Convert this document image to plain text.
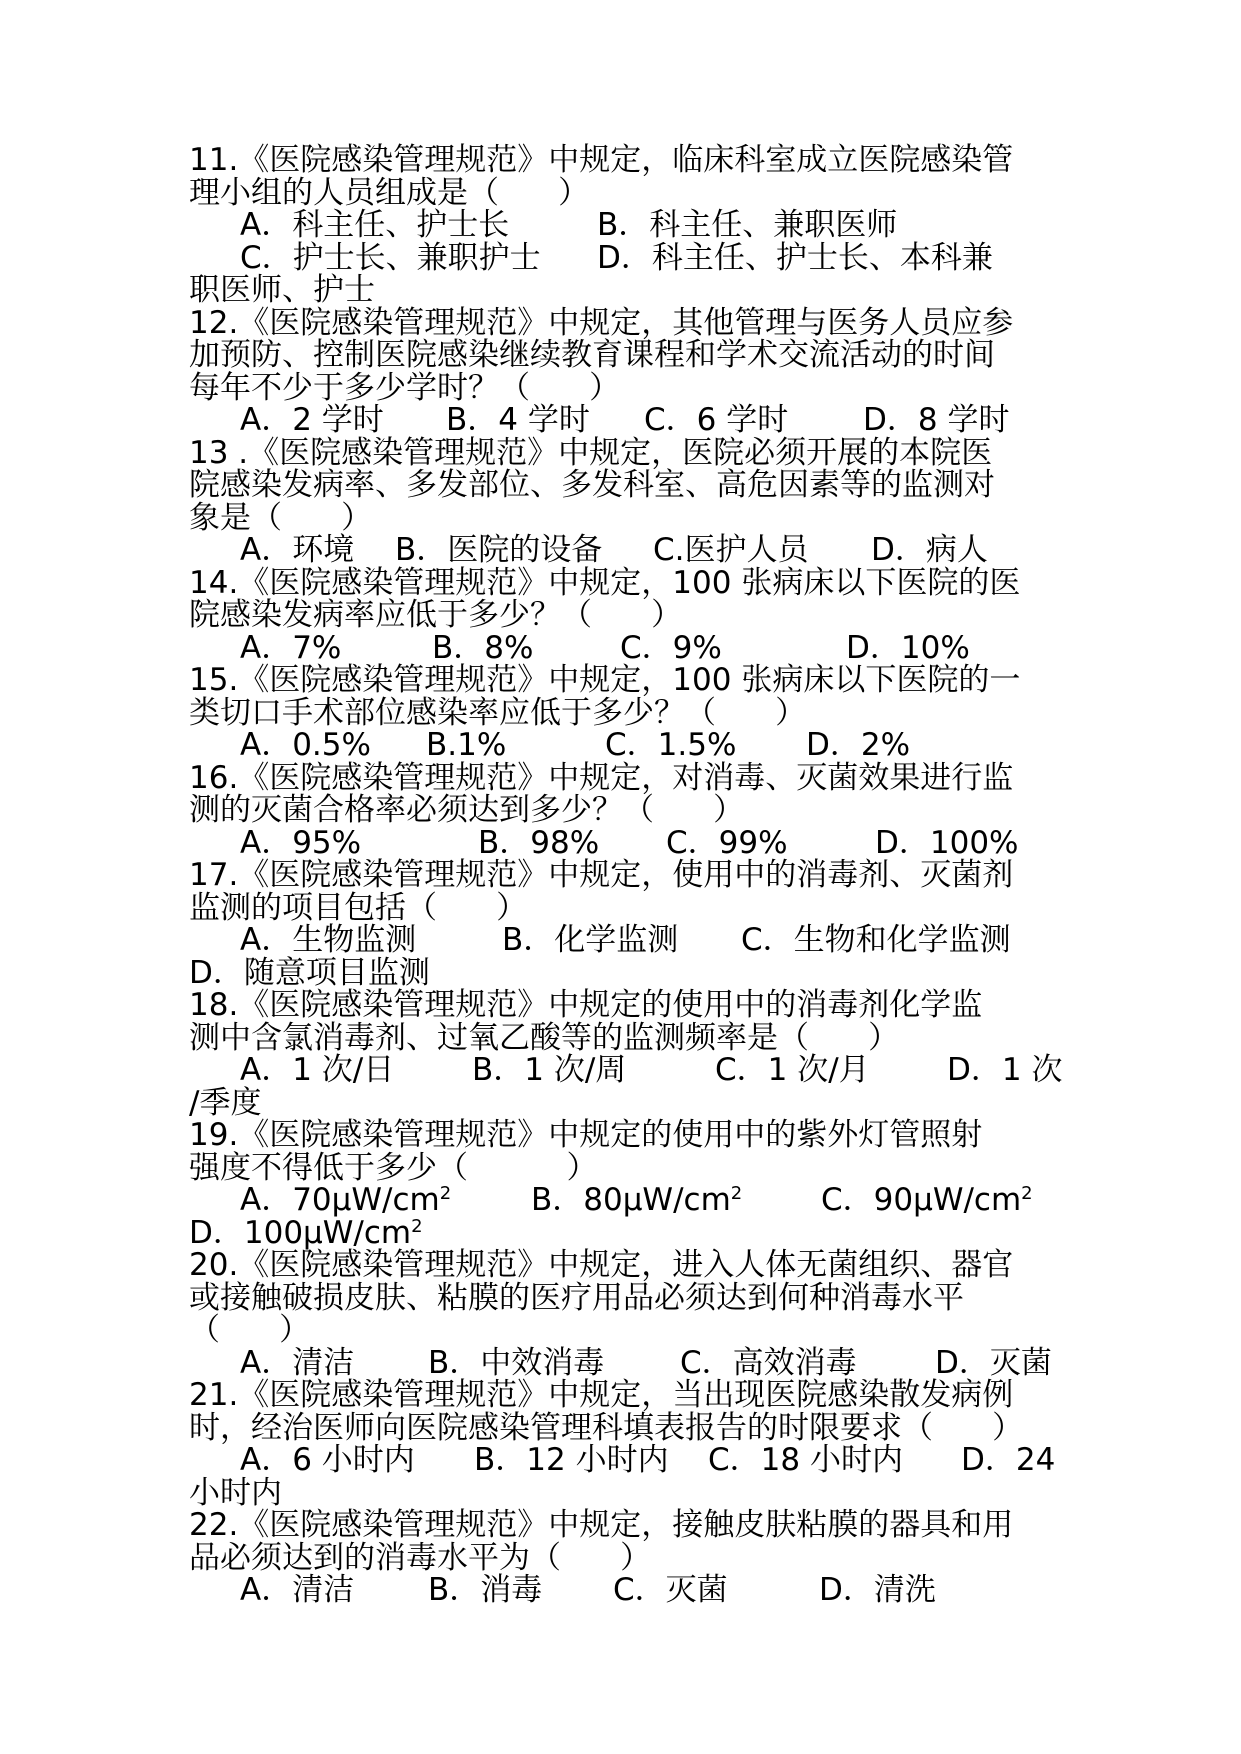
11.《医院感染管理规范》中规定，临床科室成立医院感染管
理小组的人员组成是（      ）
A．科主任、护士长	B．科主任、兼职医师
C．护士长、兼职护士 D．科主任、护士长、本科兼
职医师、护士
12.《医院感染管理规范》中规定，其他管理与医务人员应参
加预防、控制医院感染继续教育课程和学术交流活动的时间
每年不少于多少学时？（      ）
A．2 学时 B．4 学时 C．6 学时 D．8 学时
13 .《医院感染管理规范》中规定，医院必须开展的本院医
院感染发病率、多发部位、多发科室、高危因素等的监测对
象是（      ）
A．环境 B．医院的设备 C.医护人员 D．病人
14.《医院感染管理规范》中规定，100 张病床以下医院的医
院感染发病率应低于多少？（      ）
A．7%	B．8%	C．9%	D．10%
15.《医院感染管理规范》中规定，100 张病床以下医院的一
类切口手术部位感染率应低于多少？（      ）
A．0.5% B.1%	C．1.5% D．2%
16.《医院感染管理规范》中规定，对消毒、灭菌效果进行监
测的灭菌合格率必须达到多少？（      ）
A．95%	B．98% C．99%	D．100%
17.《医院感染管理规范》中规定，使用中的消毒剂、灭菌剂
监测的项目包括（      ）
A．生物监测	B．化学监测 C．生物和化学监测
D．随意项目监测
18.《医院感染管理规范》中规定的使用中的消毒剂化学监
测中含氯消毒剂、过氧乙酸等的监测频率是（      ）
A．1 次/日	B．1 次/周	C．1 次/月 D．1 次
/季度
19.《医院感染管理规范》中规定的使用中的紫外灯管照射
强度不得低于多少（          ）
A．$70\mu W/cm^2$	B．$80\mu W/cm^2$	C．$90\mu W/cm^2$
D．$100\mu W/cm^2$
20.《医院感染管理规范》中规定，进入人体无菌组织、器官
或接触破损皮肤、粘膜的医疗用品必须达到何种消毒水平
（      ）
A．清洁 B．中效消毒 C．高效消毒	D．灭菌
21.《医院感染管理规范》中规定，当出现医院感染散发病例
时，经治医师向医院感染管理科填表报告的时限要求（      ）
A．6 小时内 B．12 小时内 C．18 小时内 D．24
小时内
22.《医院感染管理规范》中规定，接触皮肤粘膜的器具和用
品必须达到的消毒水平为（      ）
A．清洁 B．消毒 C．灭菌	D．清洗
